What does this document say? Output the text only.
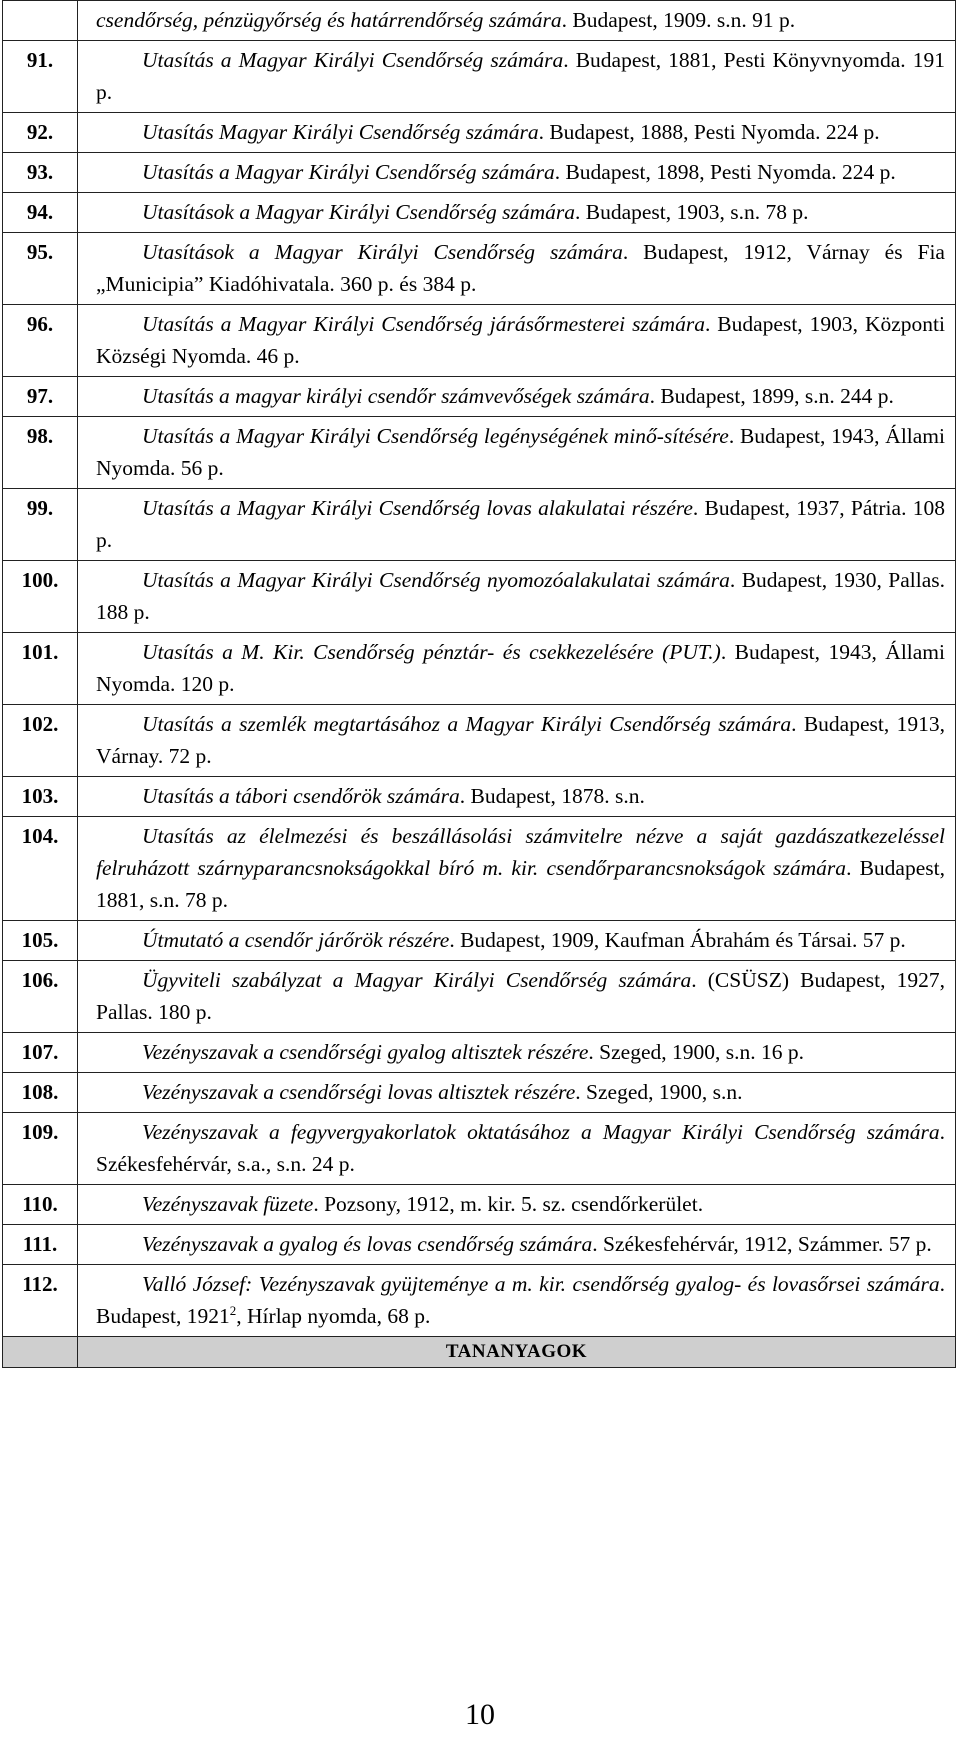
	csendőrség, pénzügyőrség és határrendőrség számára. Budapest, 1909. s.n. 91 p.

91.	Utasítás a Magyar Királyi Csendőrség számára. Budapest, 1881, Pesti Könyvnyomda. 191 p.

92.	Utasítás Magyar Királyi Csendőrség számára. Budapest, 1888, Pesti Nyomda. 224 p.

93.	Utasítás a Magyar Királyi Csendőrség számára. Budapest, 1898, Pesti Nyomda. 224 p.

94.	Utasítások a Magyar Királyi Csendőrség számára. Budapest, 1903, s.n. 78 p.

95.	Utasítások a Magyar Királyi Csendőrség számára. Budapest, 1912, Várnay és Fia „Municipia” Kiadóhivatala. 360 p. és 384 p.

96.	Utasítás a Magyar Királyi Csendőrség járásőrmesterei számára. Budapest, 1903, Központi Községi Nyomda. 46 p.

97.	Utasítás a magyar királyi csendőr számvevőségek számára. Budapest, 1899, s.n. 244 p.

98.	Utasítás a Magyar Királyi Csendőrség legénységének minő-sítésére. Budapest, 1943, Állami Nyomda. 56 p.

99.	Utasítás a Magyar Királyi Csendőrség lovas alakulatai részére. Budapest, 1937, Pátria. 108 p.

100.	Utasítás a Magyar Királyi Csendőrség nyomozóalakulatai számára. Budapest, 1930, Pallas. 188 p.

101.	Utasítás a M. Kir. Csendőrség pénztár- és csekkezelésére (PUT.). Budapest, 1943, Állami Nyomda. 120 p.

102.	Utasítás a szemlék megtartásához a Magyar Királyi Csendőrség számára. Budapest, 1913, Várnay. 72 p.

103.	Utasítás a tábori csendőrök számára. Budapest, 1878. s.n.

104.	Utasítás az élelmezési és beszállásolási számvitelre nézve a saját gazdászatkezeléssel felruházott szárnyparancsnokságokkal bíró m. kir. csendőrparancsnokságok számára. Budapest, 1881, s.n. 78 p.

105.	Útmutató a csendőr járőrök részére. Budapest, 1909, Kaufman Ábrahám és Társai. 57 p.

106.	Ügyviteli szabályzat a Magyar Királyi Csendőrség számára. (CSÜSZ) Budapest, 1927, Pallas. 180 p.

107.	Vezényszavak a csendőrségi gyalog altisztek részére. Szeged, 1900, s.n. 16 p.

108.	Vezényszavak a csendőrségi lovas altisztek részére. Szeged, 1900, s.n.

109.	Vezényszavak a fegyvergyakorlatok oktatásához a Magyar Királyi Csendőrség számára. Székesfehérvár, s.a., s.n. 24 p.

110.	Vezényszavak füzete. Pozsony, 1912, m. kir. 5. sz. csendőrkerület.

111.	Vezényszavak a gyalog és lovas csendőrség számára. Székesfehérvár, 1912, Számmer. 57 p.

112.	Valló József: Vezényszavak gyüjteménye a m. kir. csendőrség gyalog- és lovasőrsei számára. Budapest, 1921$^2$, Hírlap nyomda, 68 p.

	TANANYAGOK
10
